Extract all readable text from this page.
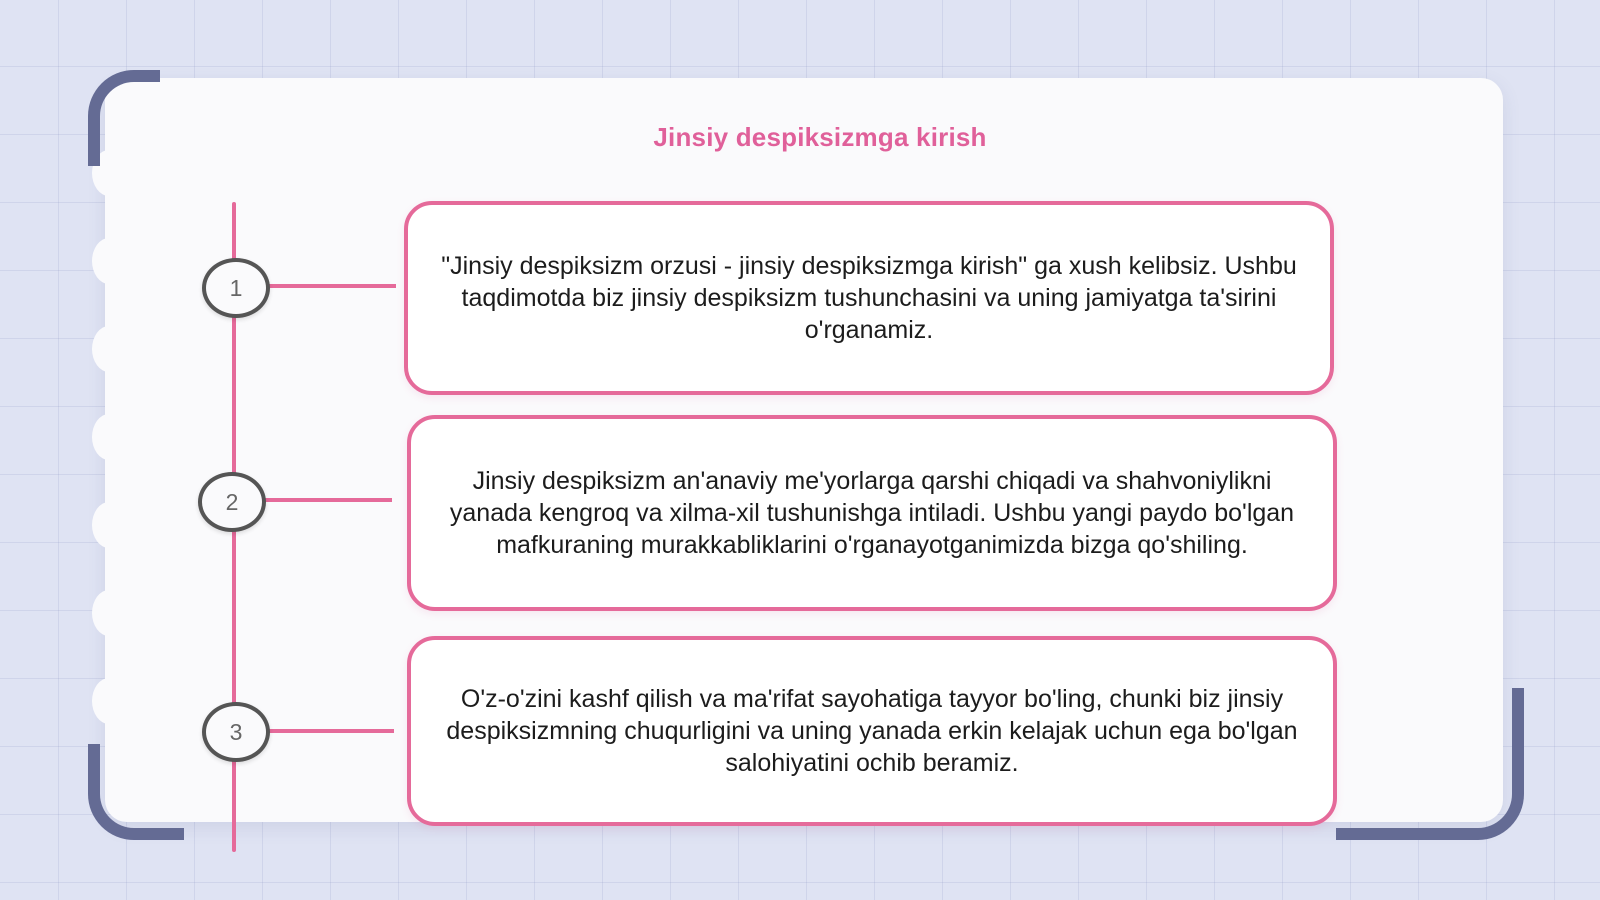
Jinsiy despiksizmga kirish
1
2
3
"Jinsiy despiksizm orzusi - jinsiy despiksizmga kirish" ga xush kelibsiz. Ushbu taqdimotda biz jinsiy despiksizm tushunchasini va uning jamiyatga ta'sirini o'rganamiz.
Jinsiy despiksizm an'anaviy me'yorlarga qarshi chiqadi va shahvoniylikni yanada kengroq va xilma-xil tushunishga intiladi. Ushbu yangi paydo bo'lgan mafkuraning murakkabliklarini o'rganayotganimizda bizga qo'shiling.
O'z-o'zini kashf qilish va ma'rifat sayohatiga tayyor bo'ling, chunki biz jinsiy despiksizmning chuqurligini va uning yanada erkin kelajak uchun ega bo'lgan salohiyatini ochib beramiz.
